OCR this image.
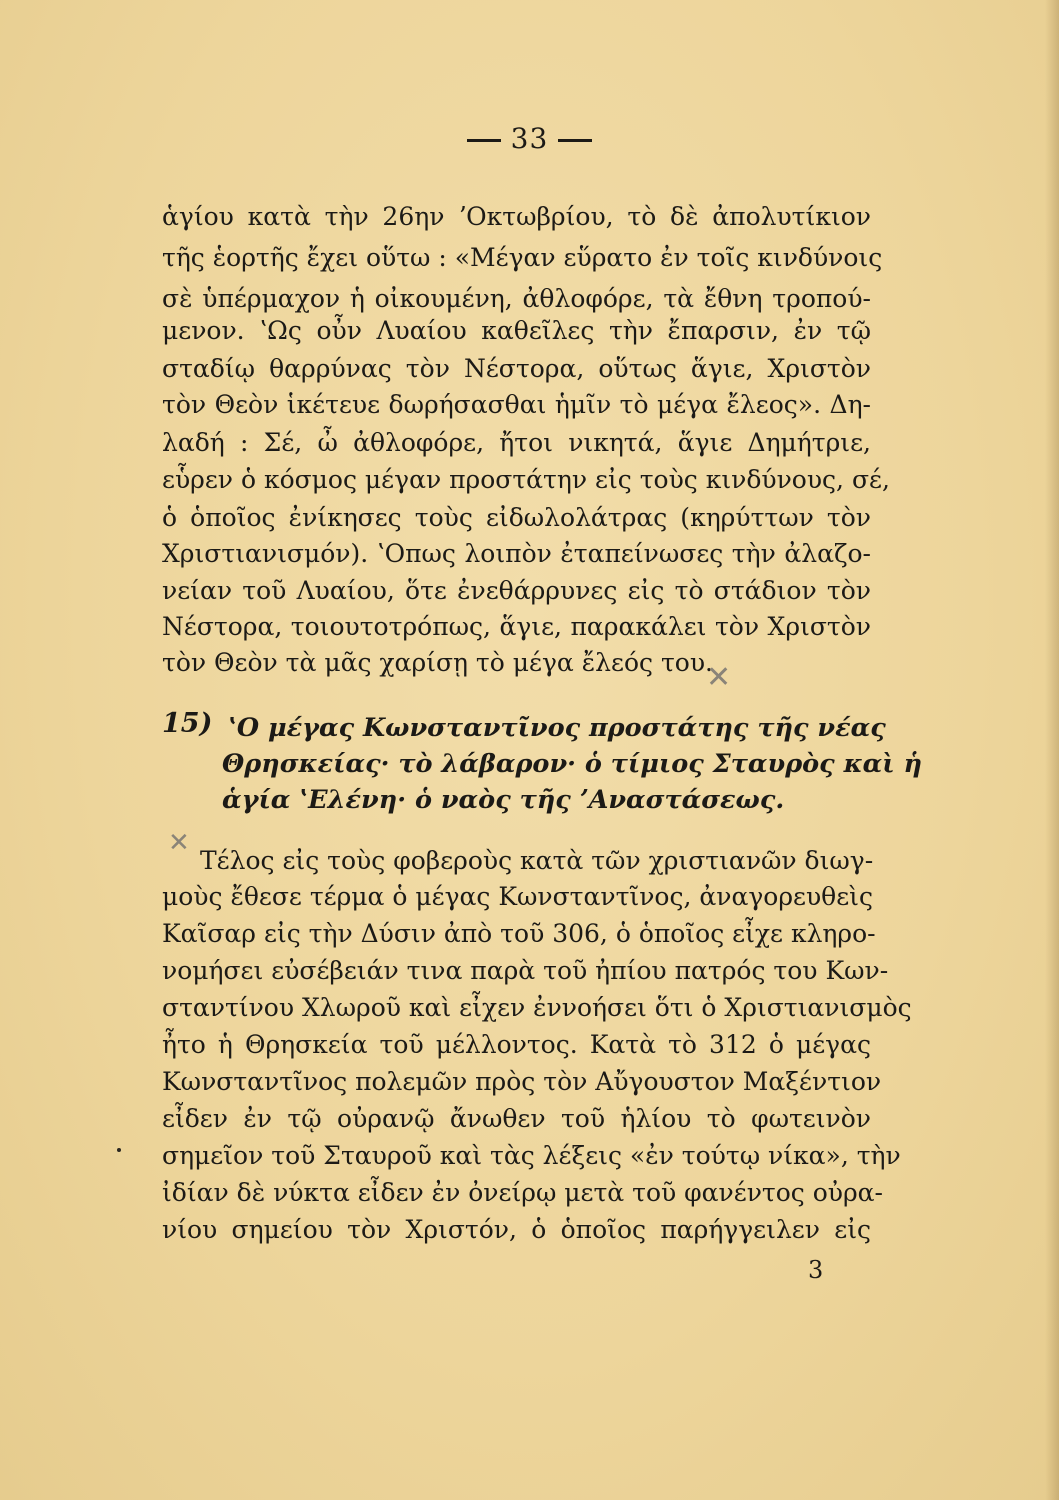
33
ἁγίου κατὰ τὴν 26ην ʼΟκτωβρίου, τὸ δὲ ἀπολυτίκιον
τῆς ἑορτῆς ἔχει οὕτω : «Μέγαν εὕρατο ἐν τοῖς κινδύνοις
σὲ ὑπέρμαχον ἡ οἰκουμένη, ἀθλοφόρε, τὰ ἔθνη τροπού-
μενον. ʽΩς οὖν Λυαίου καθεῖλες τὴν ἔπαρσιν, ἐν τῷ
σταδίῳ θαρρύνας τὸν Νέστορα, οὕτως ἅγιε, Χριστὸν
τὸν Θεὸν ἱκέτευε δωρήσασθαι ἡμῖν τὸ μέγα ἔλεος». Δη-
λαδή : Σέ, ὦ ἀθλοφόρε, ἤτοι νικητά, ἅγιε Δημήτριε,
εὗρεν ὁ κόσμος μέγαν προστάτην εἰς τοὺς κινδύνους, σέ,
ὁ ὁποῖος ἐνίκησες τοὺς εἰδωλολάτρας (κηρύττων τὸν
Χριστιανισμόν). ʽΟπως λοιπὸν ἐταπείνωσες τὴν ἀλαζο-
νείαν τοῦ Λυαίου, ὅτε ἐνεθάρρυνες εἰς τὸ στάδιον τὸν
Νέστορα, τοιουτοτρόπως, ἅγιε, παρακάλει τὸν Χριστὸν
τὸν Θεὸν τὰ μᾶς χαρίσῃ τὸ μέγα ἔλεός του.
✕
15) ʽΟ μέγας Κωνσταντῖνος προστάτης τῆς νέας
Θρησκείας· τὸ λάβαρον· ὁ τίμιος Σταυρὸς καὶ ἡ
ἁγία ʽΕλένη· ὁ ναὸς τῆς ʼΑναστάσεως.
✕
Τέλος εἰς τοὺς φοβεροὺς κατὰ τῶν χριστιανῶν διωγ-
μοὺς ἔθεσε τέρμα ὁ μέγας Κωνσταντῖνος, ἀναγορευθεὶς
Καῖσαρ εἰς τὴν Δύσιν ἀπὸ τοῦ 306, ὁ ὁποῖος εἶχε κληρο-
νομήσει εὐσέβειάν τινα παρὰ τοῦ ἠπίου πατρός του Κων-
σταντίνου Χλωροῦ καὶ εἶχεν ἐννοήσει ὅτι ὁ Χριστιανισμὸς
ἦτο ἡ Θρησκεία τοῦ μέλλοντος. Κατὰ τὸ 312 ὁ μέγας
Κωνσταντῖνος πολεμῶν πρὸς τὸν Αὔγουστον Μαξέντιον
εἶδεν ἐν τῷ οὐρανῷ ἄνωθεν τοῦ ἡλίου τὸ φωτεινὸν
σημεῖον τοῦ Σταυροῦ καὶ τὰς λέξεις «ἐν τούτῳ νίκα», τὴν
ἰδίαν δὲ νύκτα εἶδεν ἐν ὀνείρῳ μετὰ τοῦ φανέντος οὐρα-
νίου σημείου τὸν Χριστόν, ὁ ὁποῖος παρήγγειλεν εἰς
3
